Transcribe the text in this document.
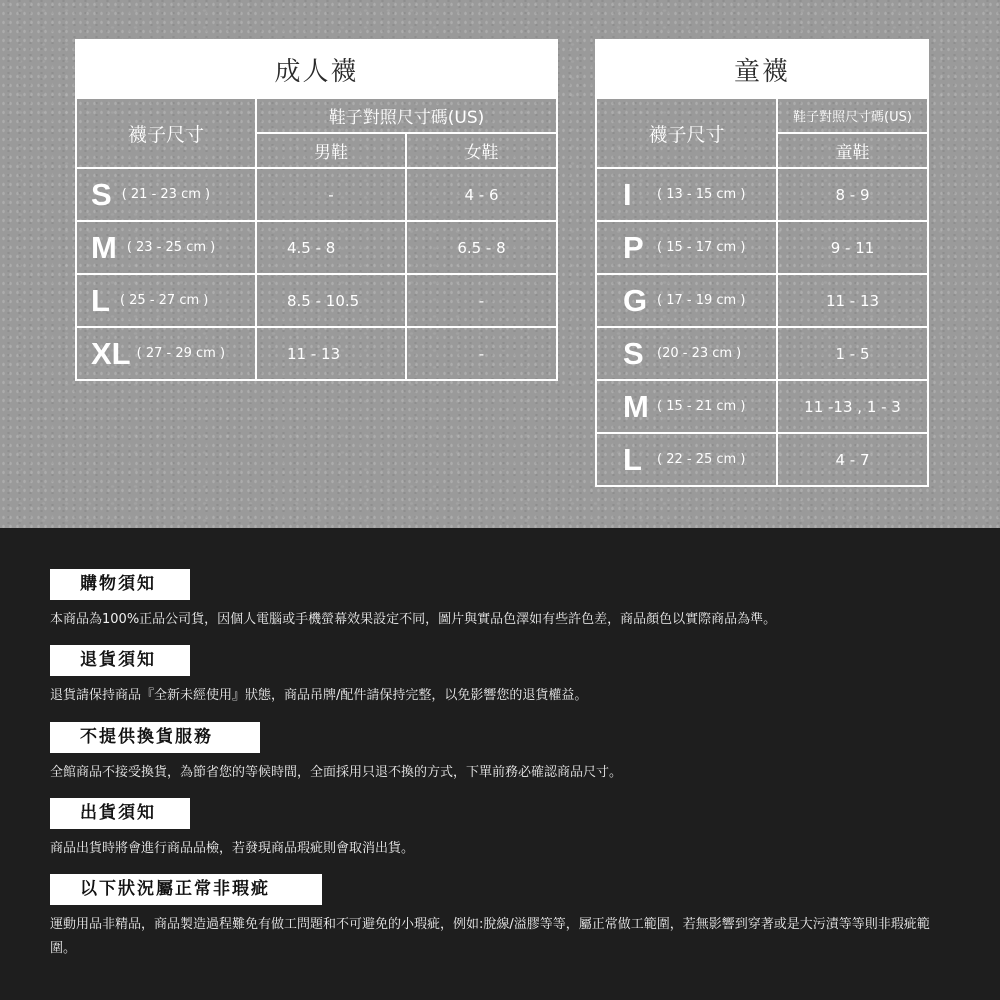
成人襪		
襪子尺寸	鞋子對照尺寸碼(US)	
	男鞋	女鞋
S ( 21 - 23 cm )	-	4 - 6
M ( 23 - 25 cm )	4.5 - 8	6.5 - 8
L ( 25 - 27 cm )	8.5 - 10.5	-
XL ( 27 - 29 cm )	11 - 13	-
童襪	
襪子尺寸	鞋子對照尺寸碼(US)
	童鞋
I ( 13 - 15 cm )	8 - 9
P ( 15 - 17 cm )	9 - 11
G ( 17 - 19 cm )	11 - 13
S (20 - 23 cm )	1 - 5
M ( 15 - 21 cm )	11 -13 , 1 - 3
L ( 22 - 25 cm )	4 - 7
購物須知
本商品為100%正品公司貨，因個人電腦或手機螢幕效果設定不同，圖片與實品色澤如有些許色差，商品顏色以實際商品為準。
退貨須知
退貨請保持商品『全新未經使用』狀態，商品吊牌/配件請保持完整，以免影響您的退貨權益。
不提供換貨服務
全館商品不接受換貨，為節省您的等候時間，全面採用只退不換的方式，下單前務必確認商品尺寸。
出貨須知
商品出貨時將會進行商品品檢，若發現商品瑕疵則會取消出貨。
以下狀況屬正常非瑕疵
運動用品非精品，商品製造過程難免有做工問題和不可避免的小瑕疵，例如:脫線/溢膠等等，屬正常做工範圍，若無影響到穿著或是大污漬等等則非瑕疵範圍。
